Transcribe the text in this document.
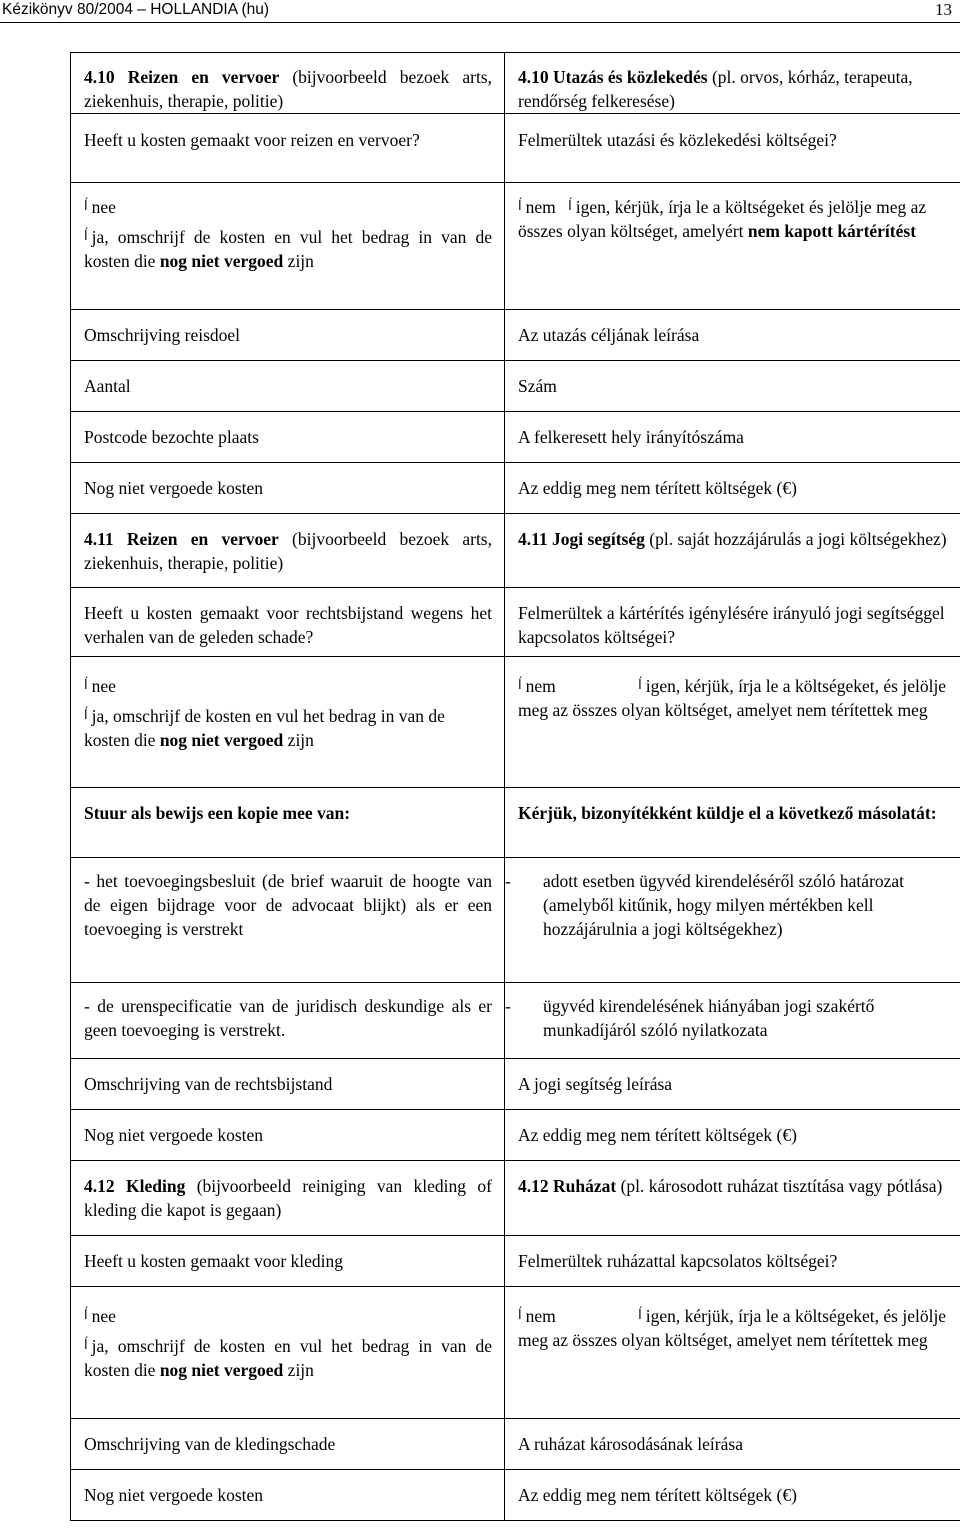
Kézikönyv 80/2004 – HOLLANDIA (hu)	13
4.10 Reizen en vervoer (bijvoorbeeld bezoek arts, ziekenhuis, therapie, politie)	4.10 Utazás és közlekedés (pl. orvos, kórház, terapeuta, rendőrség felkeresése)
Heeft u kosten gemaakt voor reizen en vervoer?	Felmerültek utazási és közlekedési költségei?

ĺ nee
ĺ ja, omschrijf de kosten en vul het bedrag in van de kosten die nog niet vergoed zijn	ĺ nem ĺ igen, kérjük, írja le a költségeket és jelölje meg az összes olyan költséget, amelyért nem kapott kártérítést
Omschrijving reisdoel	Az utazás céljának leírása
Aantal	Szám
Postcode bezochte plaats	A felkeresett hely irányítószáma
Nog niet vergoede kosten	Az eddig meg nem térített költségek (€)
4.11 Reizen en vervoer (bijvoorbeeld bezoek arts, ziekenhuis, therapie, politie)	4.11 Jogi segítség (pl. saját hozzájárulás a jogi költségekhez)
Heeft u kosten gemaakt voor rechtsbijstand wegens het verhalen van de geleden schade?	Felmerültek a kártérítés igénylésére irányuló jogi segítséggel kapcsolatos költségei?

ĺ nee
ĺ ja, omschrijf de kosten en vul het bedrag in van de kosten die nog niet vergoed zijn	ĺ nem ĺ igen, kérjük, írja le a költségeket, és jelölje meg az összes olyan költséget, amelyet nem térítettek meg
Stuur als bewijs een kopie mee van:	Kérjük, bizonyítékként küldje el a következő másolatát:
- het toevoegingsbesluit (de brief waaruit de hoogte van de eigen bijdrage voor de advocaat blijkt) als er een toevoeging is verstrekt	- adott esetben ügyvéd kirendeléséről szóló határozat (amelyből kitűnik, hogy milyen mértékben kell hozzájárulnia a jogi költségekhez)

- de urenspecificatie van de juridisch deskundige als er geen toevoeging is verstrekt.	- ügyvéd kirendelésének hiányában jogi szakértő munkadíjáról szóló nyilatkozata

Omschrijving van de rechtsbijstand	A jogi segítség leírása
Nog niet vergoede kosten	Az eddig meg nem térített költségek (€)
4.12 Kleding (bijvoorbeeld reiniging van kleding of kleding die kapot is gegaan)	4.12 Ruházat (pl. károsodott ruházat tisztítása vagy pótlása)
Heeft u kosten gemaakt voor kleding	Felmerültek ruházattal kapcsolatos költségei?

ĺ nee
ĺ ja, omschrijf de kosten en vul het bedrag in van de kosten die nog niet vergoed zijn	ĺ nem ĺ igen, kérjük, írja le a költségeket, és jelölje meg az összes olyan költséget, amelyet nem térítettek meg
Omschrijving van de kledingschade	A ruházat károsodásának leírása
Nog niet vergoede kosten	Az eddig meg nem térített költségek (€)
